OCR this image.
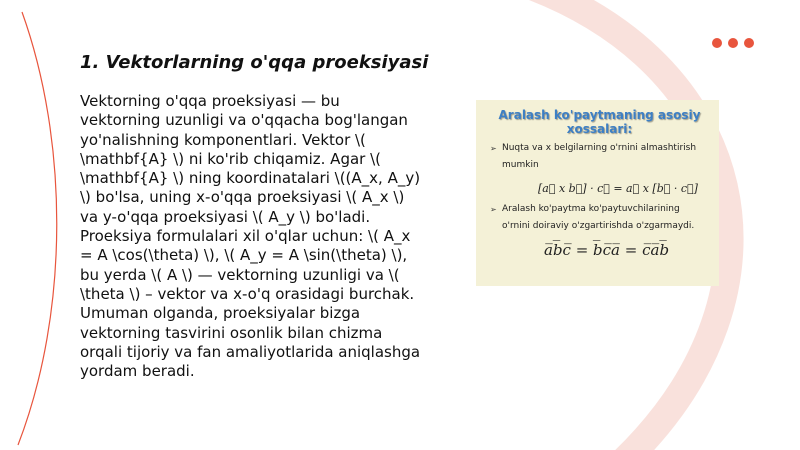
1. Vektorlarning o'qqa proeksiyasi

Vektorning o'qqa proeksiyasi — bu vektorning uzunligi va o'qqacha bog'langan yo'nalishning komponentlari. Vektor \( \mathbf{A} \) ni ko'rib chiqamiz. Agar \( \mathbf{A} \) ning koordinatalari \((A_x, A_y) \) bo'lsa, uning x-o'qqa proeksiyasi \( A_x \) va y-o'qqa proeksiyasi \( A_y \) bo'ladi. Proeksiya formulalari xil o'qlar uchun: \( A_x = A \cos(\theta) \), \( A_y = A \sin(\theta) \), bu yerda \( A \) — vektorning uzunligi va \( \theta \) – vektor va x-o'q orasidagi burchak. Umuman olganda, proeksiyalar bizga vektorning tasvirini osonlik bilan chizma orqali tijoriy va fan amaliyotlarida aniqlashga yordam beradi.

Aralash ko'paytmaning asosiy xossalari:
➢ Nuqta va x belgilarning o'rnini almashtirish mumkin
[a⃗ x b⃗] · c⃗ = a⃗ x [b⃗ · c⃗]
➢ Aralash ko'paytma ko'paytuvchilarining o'rnini doiraviy o'zgartirishda o'zgarmaydi.
a̅b̅c̅ = b̅c̅a̅ = c̅a̅b̅
